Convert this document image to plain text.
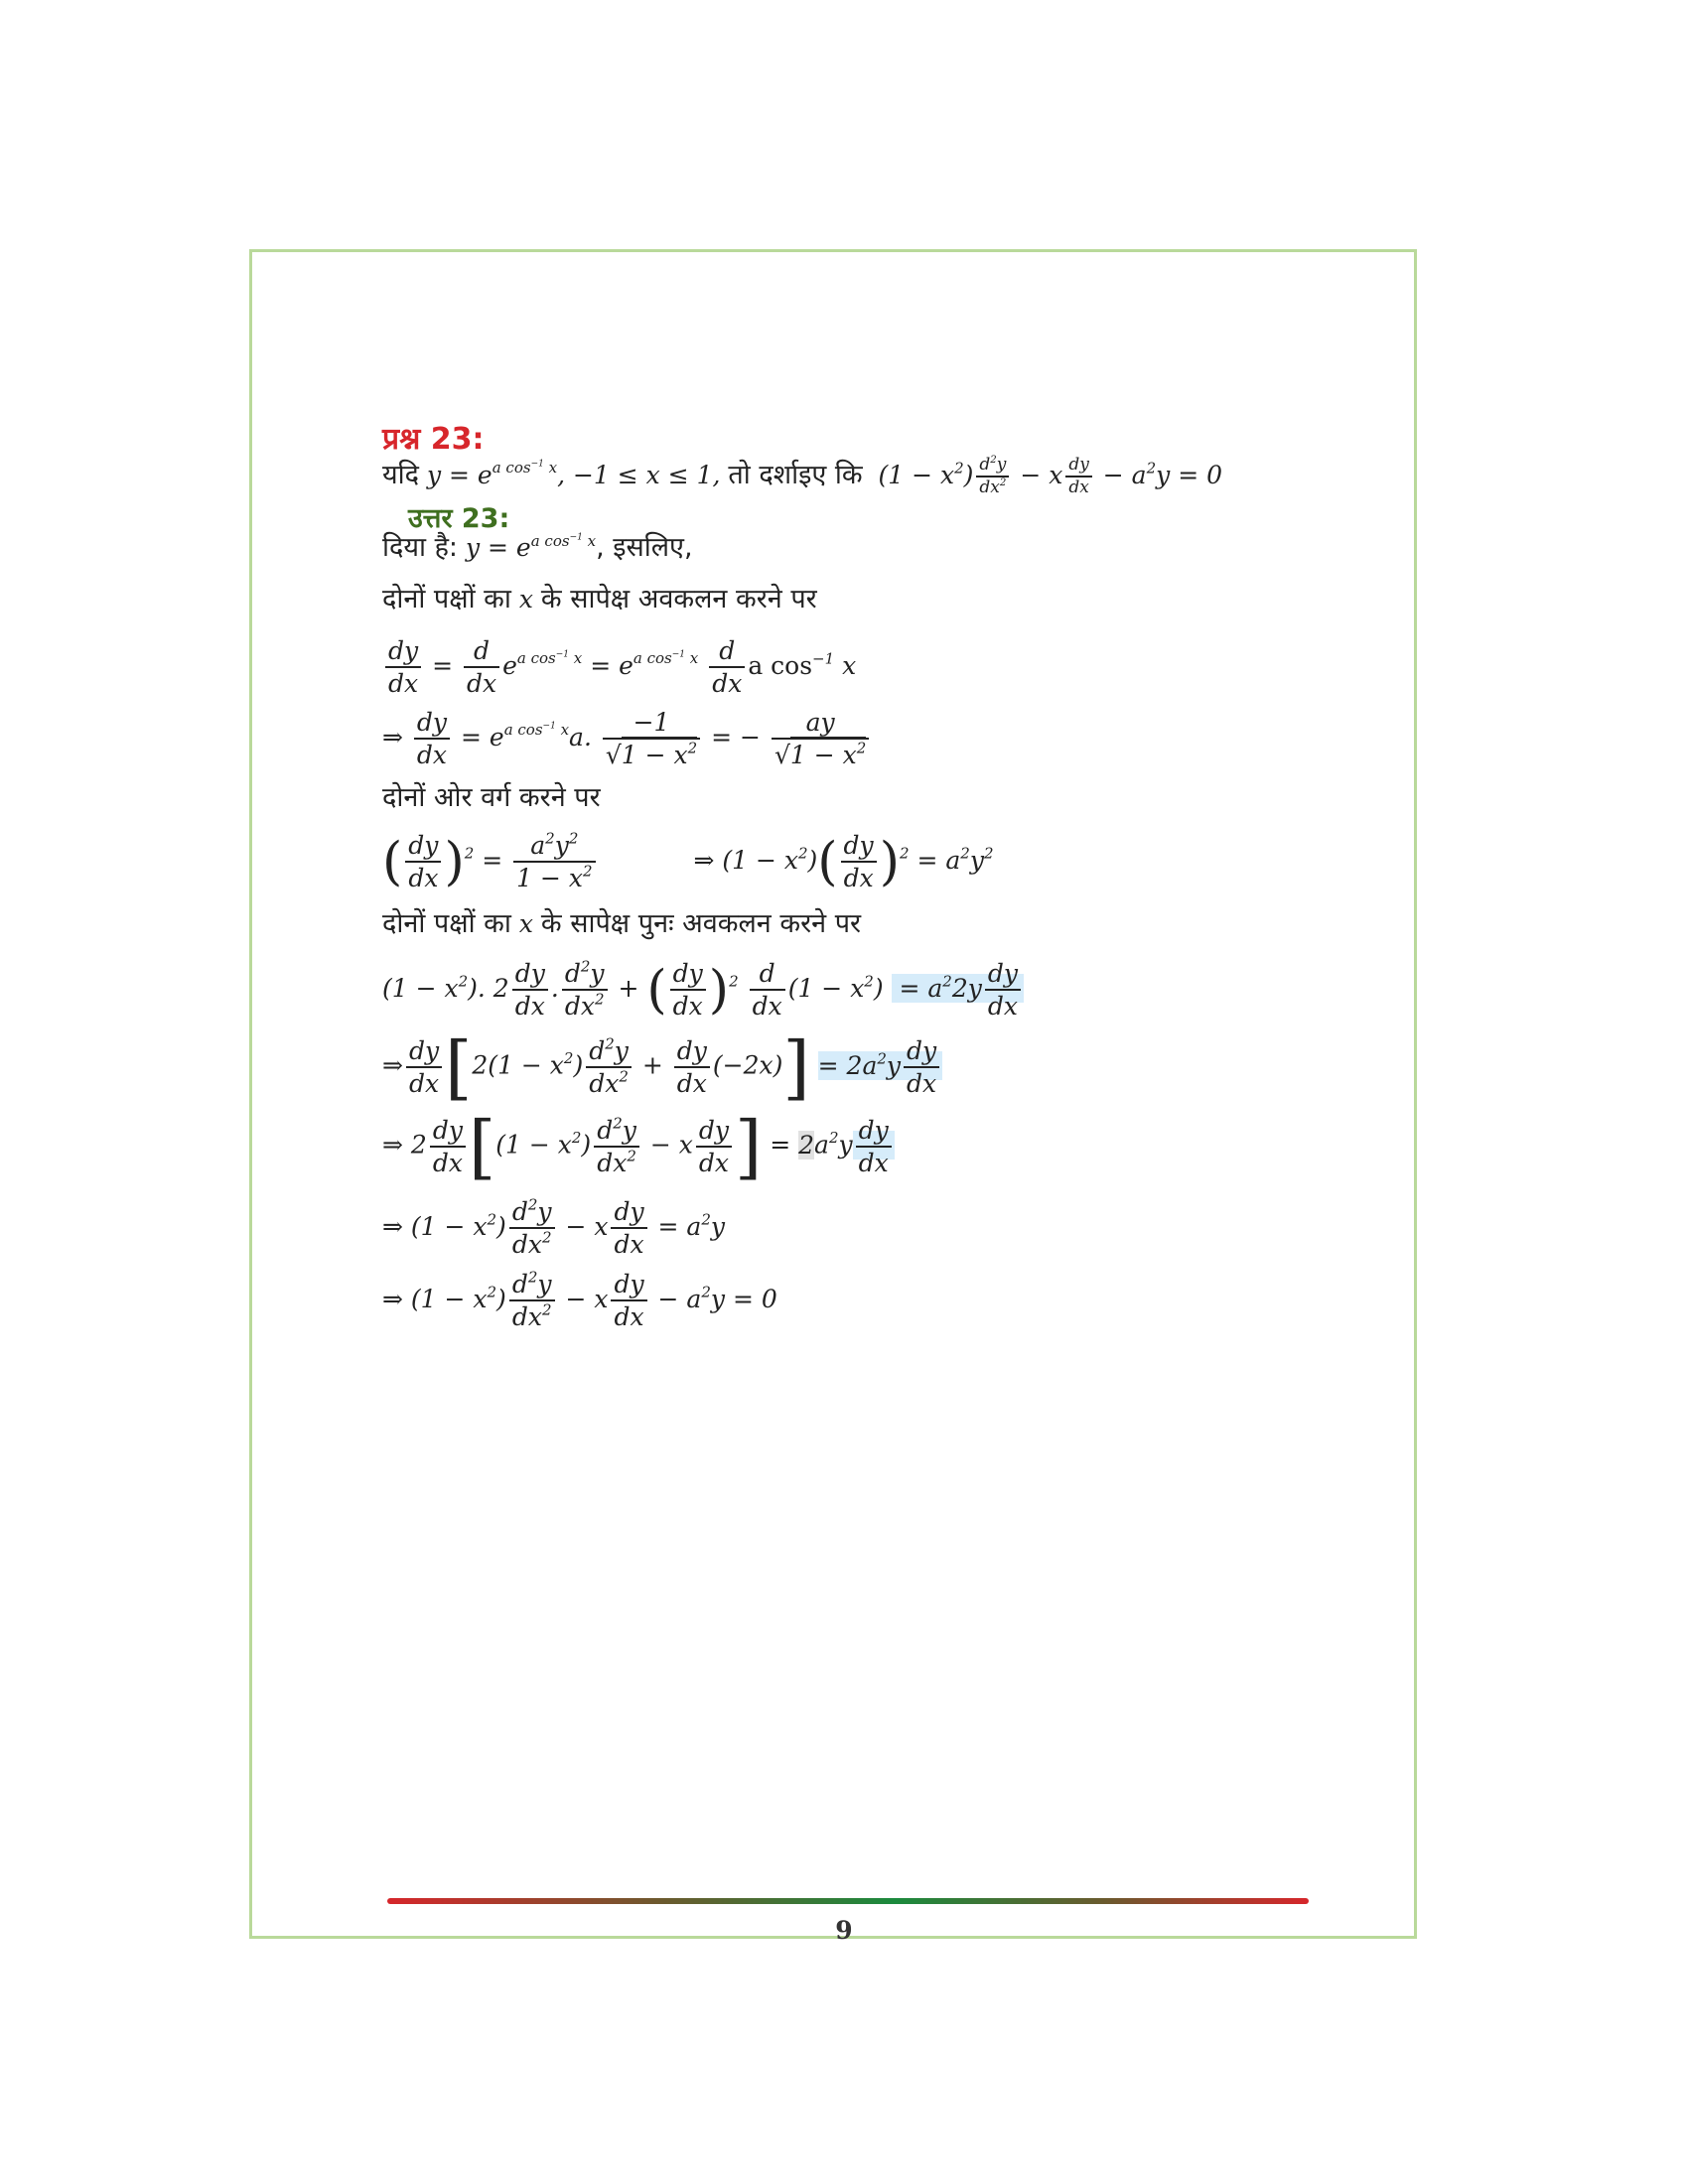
प्रश्न 23:
यदि $y = e^{a cos^{-1} x}$, −1 ≤ x ≤ 1, तो दर्शाइए कि  $(1 - x^2) \frac{d^2y}{dx^2} - x \frac{dy}{dx} - a^2y = 0$
उत्तर 23:
दिया है: $y = e^{a cos^{-1} x}$, इसलिए,
दोनों पक्षों का x के सापेक्ष अवकलन करने पर
$\frac{dy}{dx} = \frac{d}{dx} e^{a cos^{-1} x} = e^{a cos^{-1} x} \frac{d}{dx}$ a $\cos^{-1} x$
⇒ $\frac{dy}{dx} = e^{a cos^{-1} x}a$. $\frac{-1}{√1 - x^2}$ = − $\frac{ay}{√1 - x^2}$
दोनों ओर वर्ग करने पर
( $\frac{dy}{dx} )^2 = \frac{a^2y^2}{1 - x^2}$	⇒ $(1 - x^2)( \frac{dy}{dx} )^2 = a^2y^2$
दोनों पक्षों का x के सापेक्ष पुनः अवकलन करने पर
$(1 - x^2)$. $2 \frac{dy}{dx}$ . $\frac{d^2y}{dx^2}$ + ( $\frac{dy}{dx} )^2 \frac{d}{dx} (1 - x^2) = a^22y \frac{dy}{dx}$
⇒ $\frac{dy}{dx} [2(1 - x^2) \frac{d^2y}{dx^2} + \frac{dy}{dx} (-2x)] = 2a^2y \frac{dy}{dx}$
⇒ $2 \frac{dy}{dx} [(1 - x^2) \frac{d^2y}{dx^2} - x \frac{dy}{dx}$ ] = $2a^2y \frac{dy}{dx}$
⇒ $(1 - x^2) \frac{d^2y}{dx^2} - x \frac{dy}{dx} = a^2y$
⇒ $(1 - x^2) \frac{d^2y}{dx^2} - x \frac{dy}{dx} - a^2y = 0$
9
